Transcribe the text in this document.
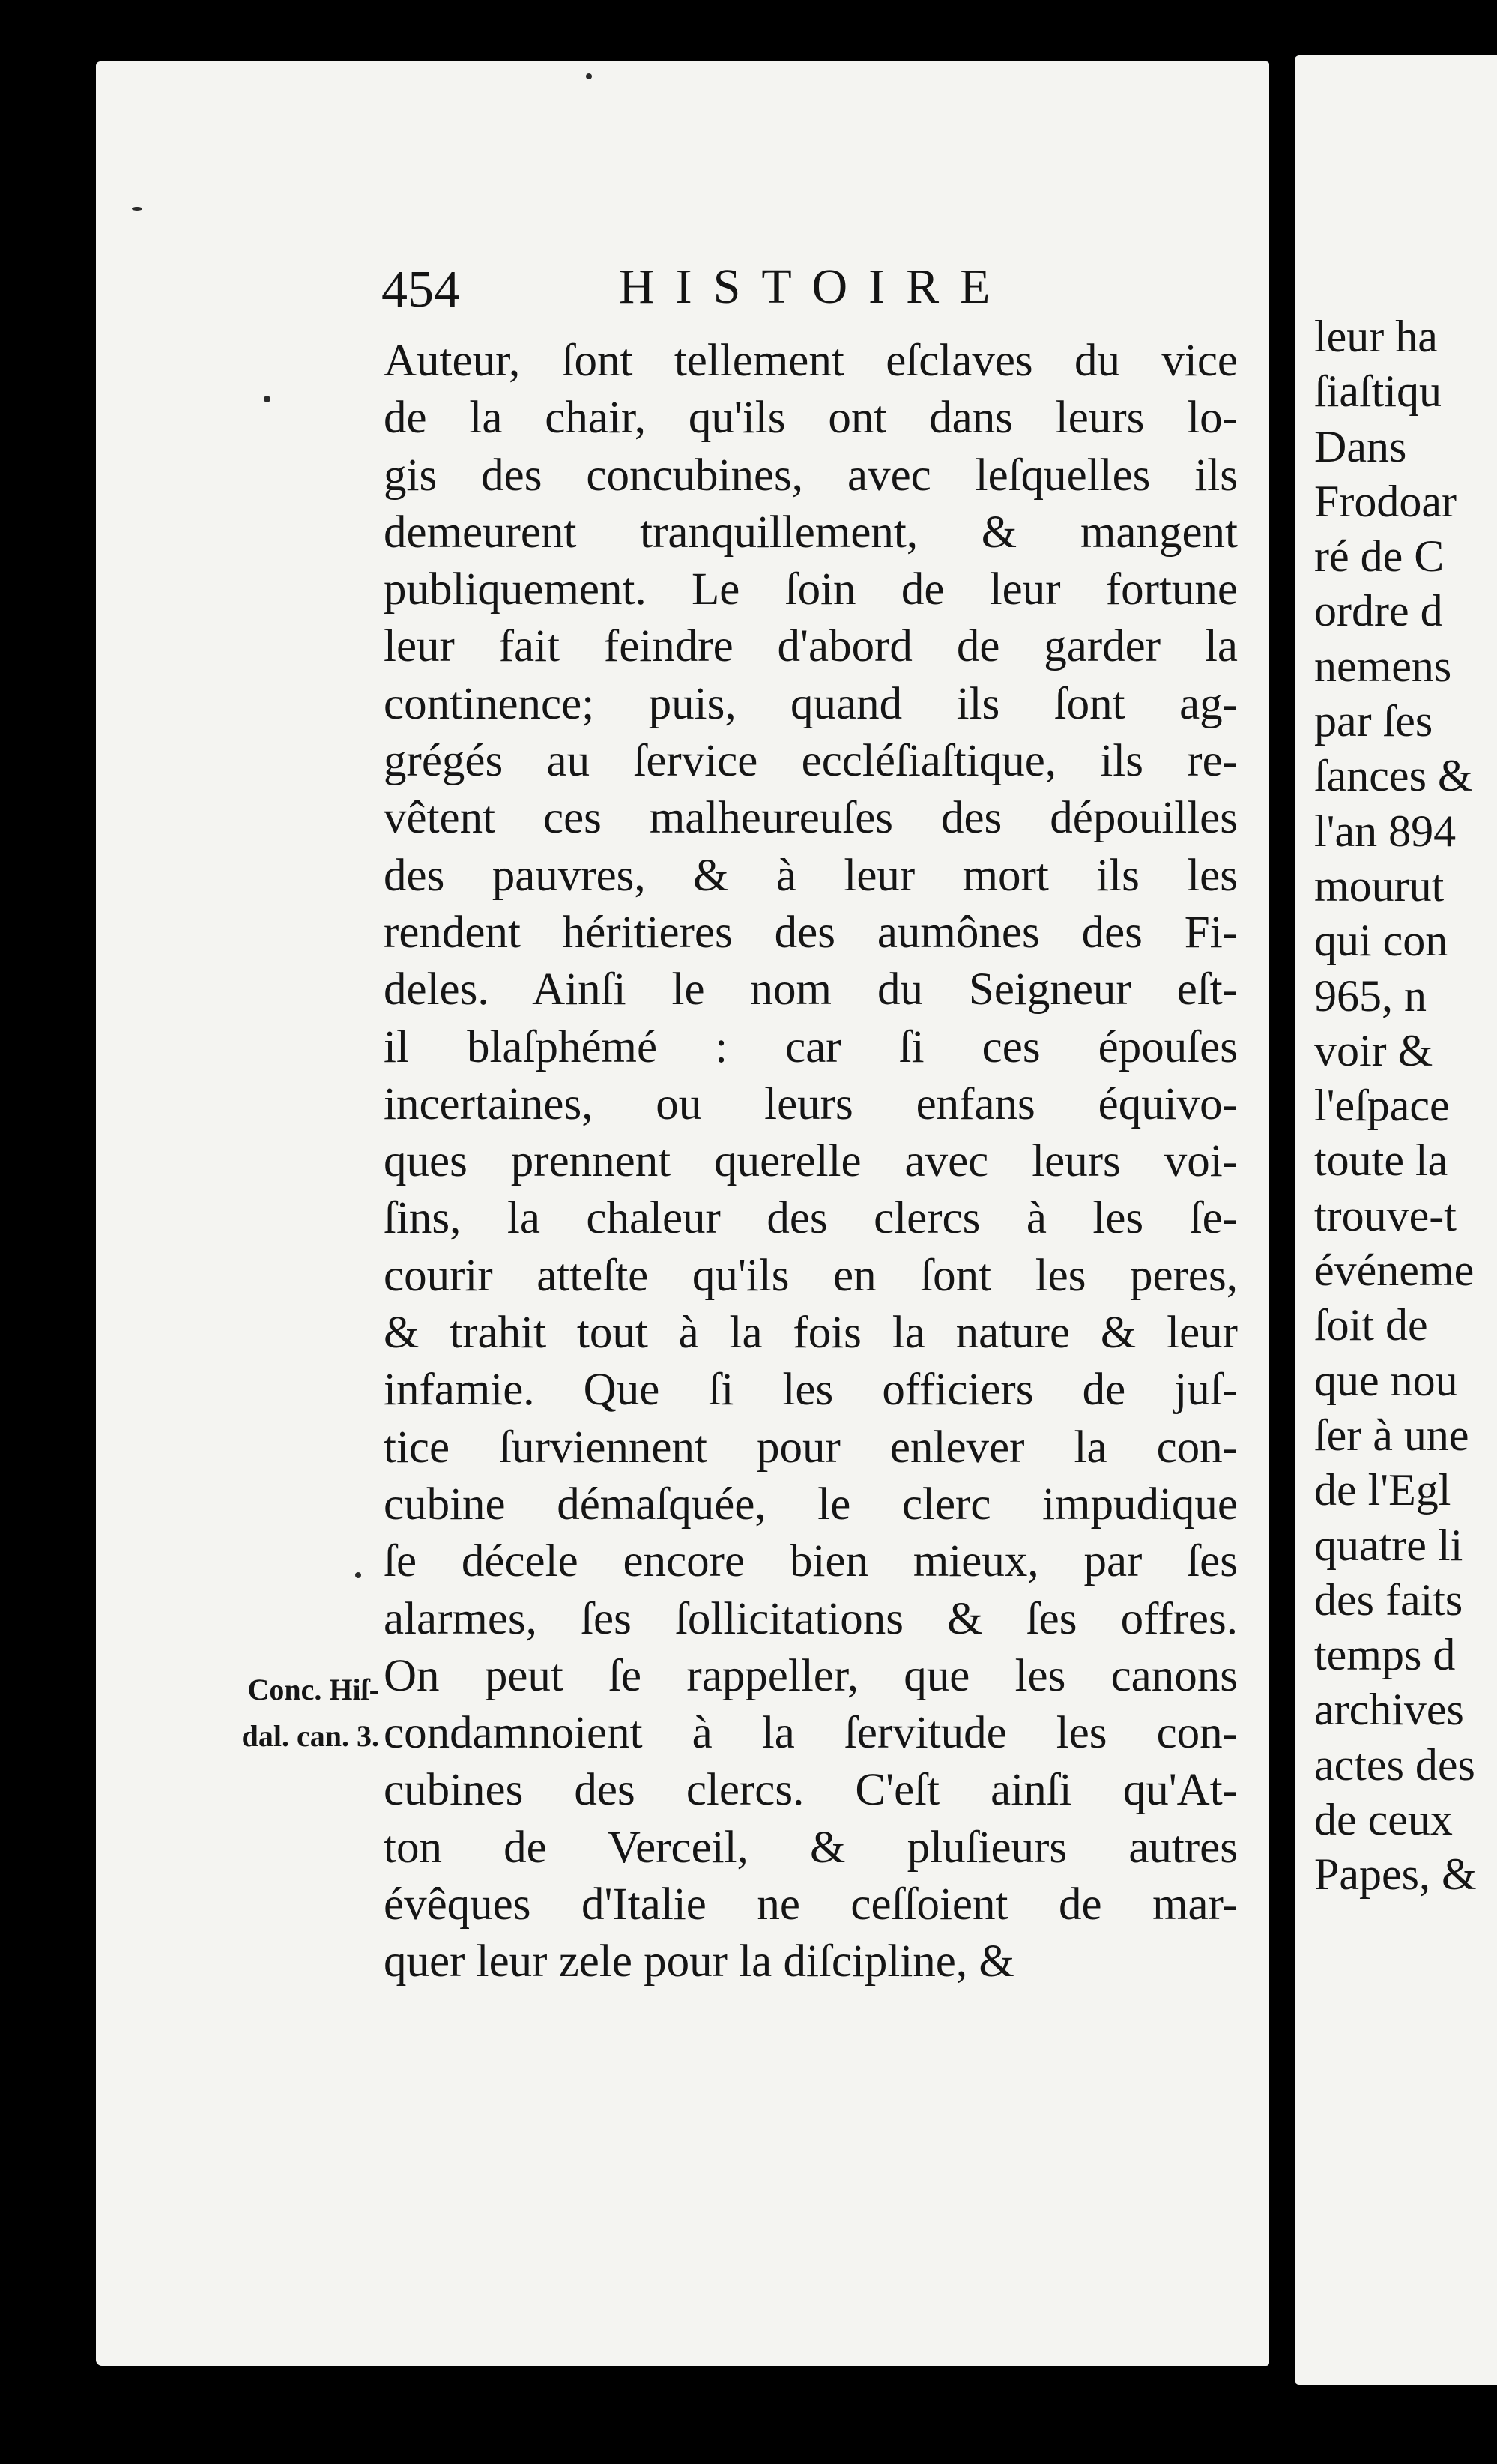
454	HISTOIRE
Auteur, ſont tellement eſclaves du vice
de la chair, qu'ils ont dans leurs lo-
gis des concubines, avec leſquelles ils
demeurent tranquillement, & mangent
publiquement. Le ſoin de leur fortune
leur fait feindre d'abord de garder la
continence; puis, quand ils ſont ag-
grégés au ſervice eccléſiaſtique, ils re-
vêtent ces malheureuſes des dépouilles
des pauvres, & à leur mort ils les
rendent héritieres des aumônes des Fi-
deles. Ainſi le nom du Seigneur eſt-
il blaſphémé : car ſi ces épouſes
incertaines, ou leurs enfans équivo-
ques prennent querelle avec leurs voi-
ſins, la chaleur des clercs à les ſe-
courir atteſte qu'ils en ſont les peres,
& trahit tout à la fois la nature & leur
infamie. Que ſi les officiers de juſ-
tice ſurviennent pour enlever la con-
cubine démaſquée, le clerc impudique
ſe décele encore bien mieux, par ſes
alarmes, ſes ſollicitations & ſes offres.
On peut ſe rappeller, que les canons
condamnoient à la ſervitude les con-
cubines des clercs. C'eſt ainſi qu'At-
ton de Verceil, & pluſieurs autres
évêques d'Italie ne ceſſoient de mar-
quer leur zele pour la diſcipline, &
Conc. Hiſ-
dal. can. 3.
leur ha
ſiaſtiqu
Dans
Frodoar
ré de C
ordre d
nemens
par ſes
ſances &
l'an 894
mourut
qui con
965, n
voir &
l'eſpace
toute la
trouve-t
événeme
ſoit de
que nou
ſer à une
de l'Egl
quatre li
des faits
temps d
archives
actes des
de ceux
Papes, &
